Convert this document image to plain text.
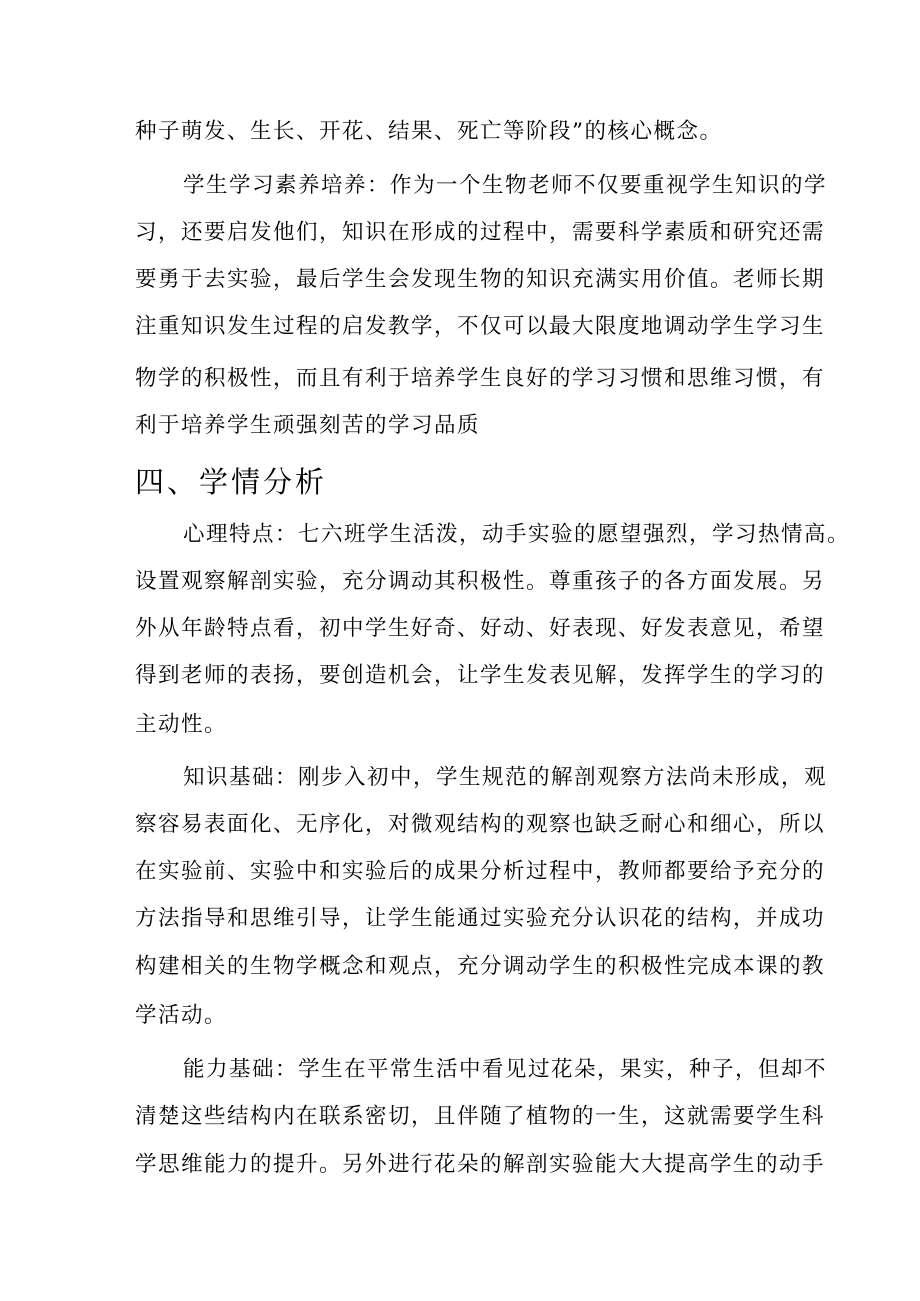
种子萌发、生长、开花、结果、死亡等阶段”的核心概念。

学生学习素养培养：作为一个生物老师不仅要重视学生知识的学

习，还要启发他们，知识在形成的过程中，需要科学素质和研究还需

要勇于去实验，最后学生会发现生物的知识充满实用价值。老师长期

注重知识发生过程的启发教学，不仅可以最大限度地调动学生学习生

物学的积极性，而且有利于培养学生良好的学习习惯和思维习惯，有

利于培养学生顽强刻苦的学习品质

四、学情分析

心理特点：七六班学生活泼，动手实验的愿望强烈，学习热情高。

设置观察解剖实验，充分调动其积极性。尊重孩子的各方面发展。另

外从年龄特点看，初中学生好奇、好动、好表现、好发表意见，希望

得到老师的表扬，要创造机会，让学生发表见解，发挥学生的学习的

主动性。

知识基础：刚步入初中，学生规范的解剖观察方法尚未形成，观

察容易表面化、无序化，对微观结构的观察也缺乏耐心和细心，所以

在实验前、实验中和实验后的成果分析过程中，教师都要给予充分的

方法指导和思维引导，让学生能通过实验充分认识花的结构，并成功

构建相关的生物学概念和观点，充分调动学生的积极性完成本课的教

学活动。

能力基础：学生在平常生活中看见过花朵，果实，种子，但却不

清楚这些结构内在联系密切，且伴随了植物的一生，这就需要学生科

学思维能力的提升。另外进行花朵的解剖实验能大大提高学生的动手
